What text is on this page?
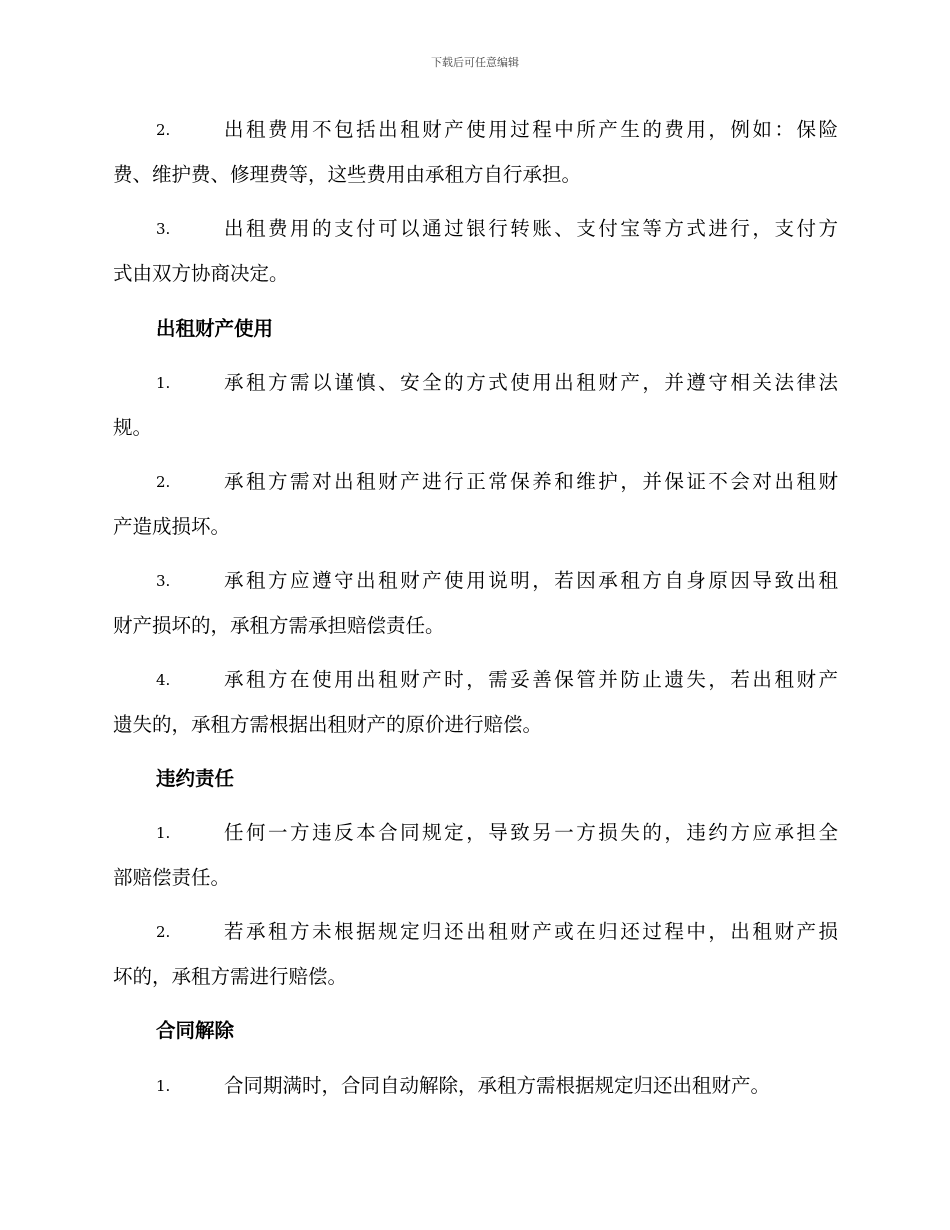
下载后可任意编辑
2.	出租费用不包括出租财产使用过程中所产生的费用，例如：保险
费、维护费、修理费等，这些费用由承租方自行承担。
3.	出租费用的支付可以通过银行转账、支付宝等方式进行，支付方
式由双方协商决定。
出租财产使用
1.	承租方需以谨慎、安全的方式使用出租财产，并遵守相关法律法
规。
2.	承租方需对出租财产进行正常保养和维护，并保证不会对出租财
产造成损坏。
3.	承租方应遵守出租财产使用说明，若因承租方自身原因导致出租
财产损坏的，承租方需承担赔偿责任。
4.	承租方在使用出租财产时，需妥善保管并防止遗失，若出租财产
遗失的，承租方需根据出租财产的原价进行赔偿。
违约责任
1.	任何一方违反本合同规定，导致另一方损失的，违约方应承担全
部赔偿责任。
2.	若承租方未根据规定归还出租财产或在归还过程中，出租财产损
坏的，承租方需进行赔偿。
合同解除
1.	合同期满时，合同自动解除，承租方需根据规定归还出租财产。
